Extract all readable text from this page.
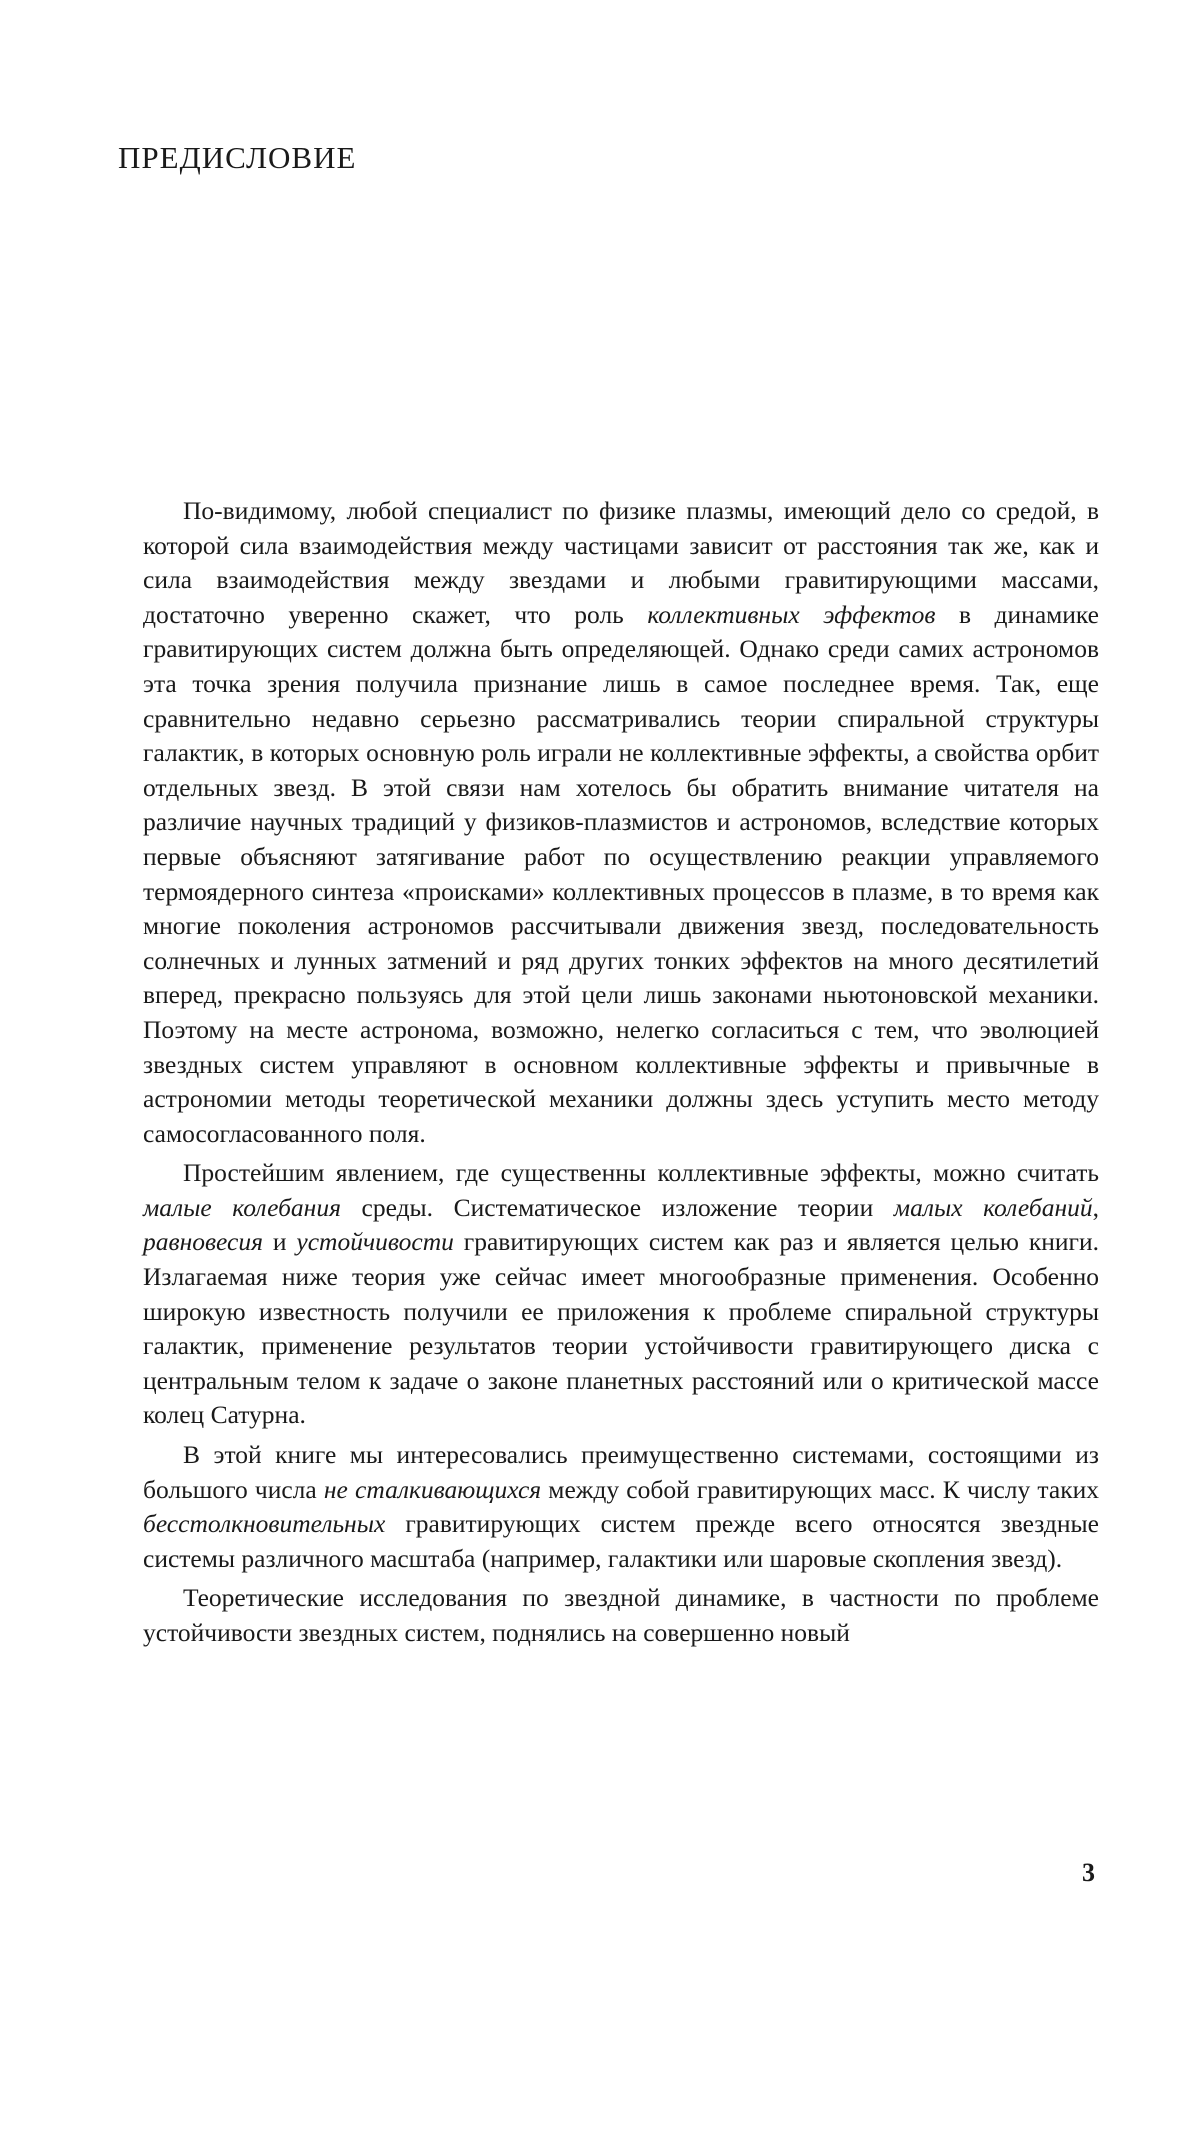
ПРЕДИСЛОВИЕ

По-видимому, любой специалист по физике плазмы, имеющий дело со средой, в которой сила взаимодействия между частицами зависит от расстояния так же, как и сила взаимодействия между звездами и любыми гравитирующими массами, достаточно уверенно скажет, что роль коллективных эффектов в динамике гравитирующих систем должна быть определяющей. Однако среди самих астрономов эта точка зрения получила признание лишь в самое последнее время. Так, еще сравнительно недавно серьезно рассматривались теории спиральной структуры галактик, в которых основную роль играли не коллективные эффекты, а свойства орбит отдельных звезд. В этой связи нам хотелось бы обратить внимание читателя на различие научных традиций у физиков-плазмистов и астрономов, вследствие которых первые объясняют затягивание работ по осуществлению реакции управляемого термоядерного синтеза «происками» коллективных процессов в плазме, в то время как многие поколения астрономов рассчитывали движения звезд, последовательность солнечных и лунных затмений и ряд других тонких эффектов на много десятилетий вперед, прекрасно пользуясь для этой цели лишь законами ньютоновской механики. Поэтому на месте астронома, возможно, нелегко согласиться с тем, что эволюцией звездных систем управляют в основном коллективные эффекты и привычные в астрономии методы теоретической механики должны здесь уступить место методу самосогласованного поля.

Простейшим явлением, где существенны коллективные эффекты, можно считать малые колебания среды. Систематическое изложение теории малых колебаний, равновесия и устойчивости гравитирующих систем как раз и является целью книги. Излагаемая ниже теория уже сейчас имеет многообразные применения. Особенно широкую известность получили ее приложения к проблеме спиральной структуры галактик, применение результатов теории устойчивости гравитирующего диска с центральным телом к задаче о законе планетных расстояний или о критической массе колец Сатурна.

В этой книге мы интересовались преимущественно системами, состоящими из большого числа не сталкивающихся между собой гравитирующих масс. К числу таких бесстолкновительных гравитирующих систем прежде всего относятся звездные системы различного масштаба (например, галактики или шаровые скопления звезд).

Теоретические исследования по звездной динамике, в частности по проблеме устойчивости звездных систем, поднялись на совершенно новый

3
